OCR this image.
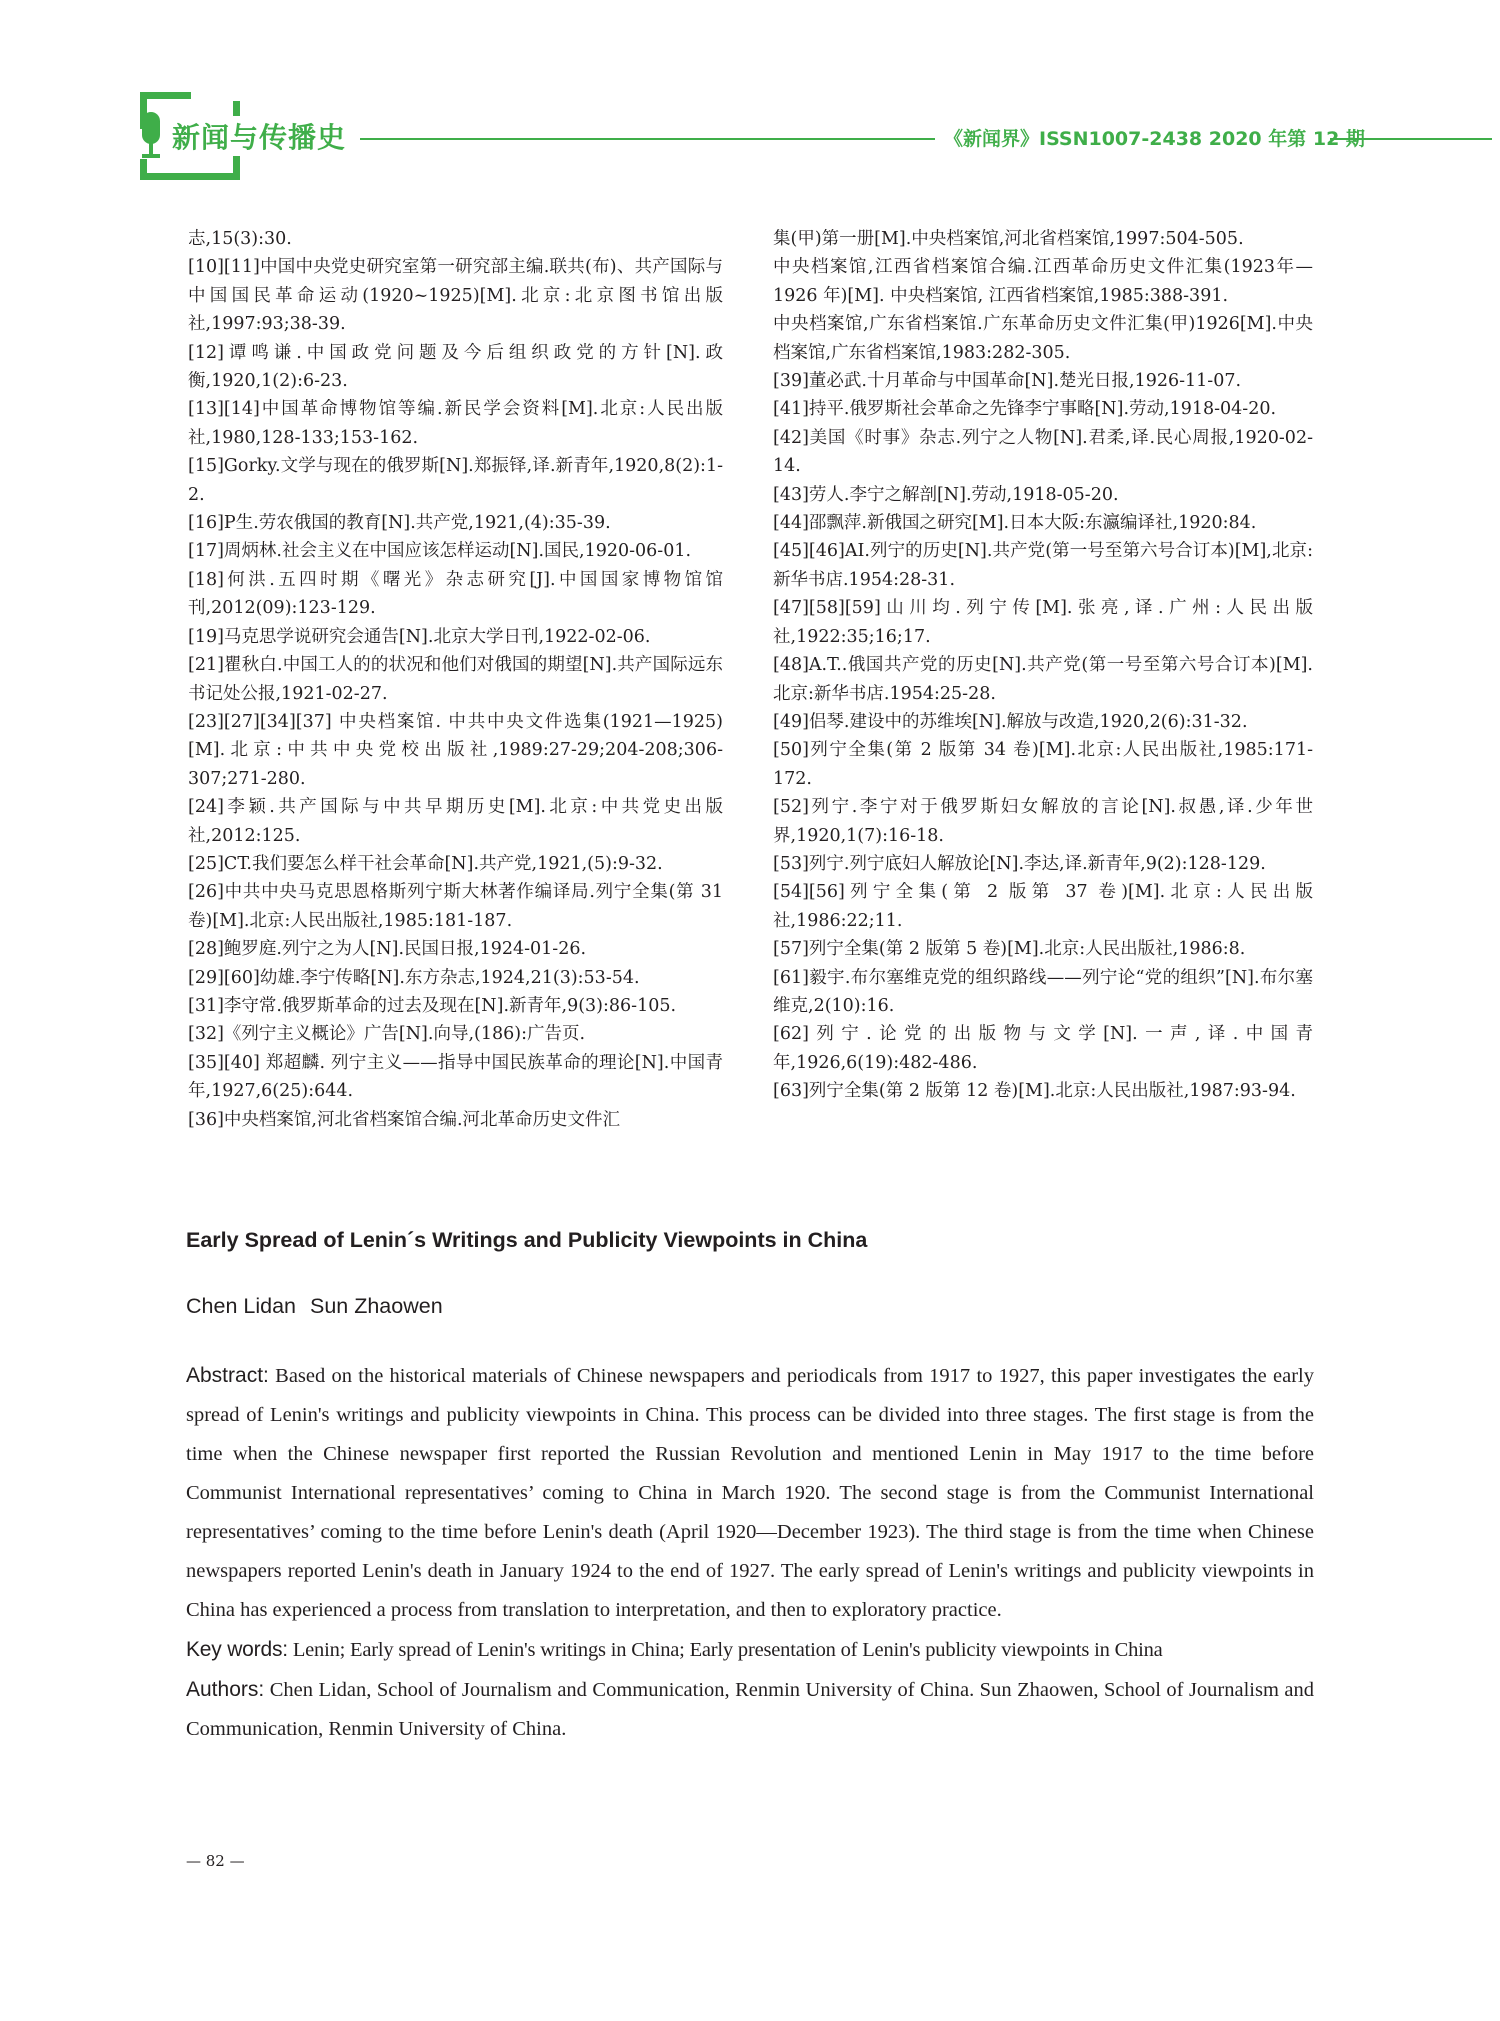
新闻与传播史	《新闻界》ISSN1007-2438 2020 年第 12 期

志,15(3):30.

[10][11]中国中央党史研究室第一研究部主编.联共(布)、共产国际与中国国民革命运动(1920~1925)[M].北京:北京图书馆出版社,1997:93;38-39.

[12]谭鸣谦.中国政党问题及今后组织政党的方针[N].政衡,1920,1(2):6-23.

[13][14]中国革命博物馆等编.新民学会资料[M].北京:人民出版社,1980,128-133;153-162.

[15]Gorky.文学与现在的俄罗斯[N].郑振铎,译.新青年,1920,8(2):1-2.

[16]P生.劳农俄国的教育[N].共产党,1921,(4):35-39.

[17]周炳林.社会主义在中国应该怎样运动[N].国民,1920-06-01.

[18]何洪.五四时期《曙光》杂志研究[J].中国国家博物馆馆刊,2012(09):123-129.

[19]马克思学说研究会通告[N].北京大学日刊,1922-02-06.

[21]瞿秋白.中国工人的的状况和他们对俄国的期望[N].共产国际远东书记处公报,1921-02-27.

[23][27][34][37] 中央档案馆. 中共中央文件选集(1921—1925)[M].北京:中共中央党校出版社,1989:27-29;204-208;306-307;271-280.

[24]李颖.共产国际与中共早期历史[M].北京:中共党史出版社,2012:125.

[25]CT.我们要怎么样干社会革命[N].共产党,1921,(5):9-32.

[26]中共中央马克思恩格斯列宁斯大林著作编译局.列宁全集(第 31 卷)[M].北京:人民出版社,1985:181-187.

[28]鲍罗庭.列宁之为人[N].民国日报,1924-01-26.

[29][60]幼雄.李宁传略[N].东方杂志,1924,21(3):53-54.

[31]李守常.俄罗斯革命的过去及现在[N].新青年,9(3):86-105.

[32]《列宁主义概论》广告[N].向导,(186):广告页.

[35][40] 郑超麟. 列宁主义——指导中国民族革命的理论[N].中国青年,1927,6(25):644.

[36]中央档案馆,河北省档案馆合编.河北革命历史文件汇

集(甲)第一册[M].中央档案馆,河北省档案馆,1997:504-505.

中央档案馆,江西省档案馆合编.江西革命历史文件汇集(1923年—1926 年)[M]. 中央档案馆, 江西省档案馆,1985:388-391.

中央档案馆,广东省档案馆.广东革命历史文件汇集(甲)1926[M].中央档案馆,广东省档案馆,1983:282-305.

[39]董必武.十月革命与中国革命[N].楚光日报,1926-11-07.

[41]持平.俄罗斯社会革命之先锋李宁事略[N].劳动,1918-04-20.

[42]美国《时事》杂志.列宁之人物[N].君柔,译.民心周报,1920-02-14.

[43]劳人.李宁之解剖[N].劳动,1918-05-20.

[44]邵飘萍.新俄国之研究[M].日本大阪:东瀛编译社,1920:84.

[45][46]AI.列宁的历史[N].共产党(第一号至第六号合订本)[M],北京:新华书店.1954:28-31.

[47][58][59]山川均.列宁传[M].张亮,译.广州:人民出版社,1922:35;16;17.

[48]A.T..俄国共产党的历史[N].共产党(第一号至第六号合订本)[M].北京:新华书店.1954:25-28.

[49]侣琴.建设中的苏维埃[N].解放与改造,1920,2(6):31-32.

[50]列宁全集(第 2 版第 34 卷)[M].北京:人民出版社,1985:171-172.

[52]列宁.李宁对于俄罗斯妇女解放的言论[N].叔愚,译.少年世界,1920,1(7):16-18.

[53]列宁.列宁底妇人解放论[N].李达,译.新青年,9(2):128-129.

[54][56]列宁全集(第 2 版第 37 卷)[M].北京:人民出版社,1986:22;11.

[57]列宁全集(第 2 版第 5 卷)[M].北京:人民出版社,1986:8.

[61]毅宇.布尔塞维克党的组织路线——列宁论“党的组织”[N].布尔塞维克,2(10):16.

[62]列宁.论党的出版物与文学[N].一声,译.中国青年,1926,6(19):482-486.

[63]列宁全集(第 2 版第 12 卷)[M].北京:人民出版社,1987:93-94.

Early Spread of Lenin´s Writings and Publicity Viewpoints in China
Chen Lidan Sun Zhaowen

Abstract: Based on the historical materials of Chinese newspapers and periodicals from 1917 to 1927, this paper investigates the early spread of Lenin's writings and publicity viewpoints in China. This process can be divided into three stages. The first stage is from the time when the Chinese newspaper first reported the Russian Revolution and mentioned Lenin in May 1917 to the time before Communist International representatives’ coming to China in March 1920. The second stage is from the Communist International representatives’ coming to the time before Lenin's death (April 1920—December 1923). The third stage is from the time when Chinese newspapers reported Lenin's death in January 1924 to the end of 1927. The early spread of Lenin's writings and publicity viewpoints in China has experienced a process from translation to interpretation, and then to exploratory practice.

Key words: Lenin; Early spread of Lenin's writings in China; Early presentation of Lenin's publicity viewpoints in China

Authors: Chen Lidan, School of Journalism and Communication, Renmin University of China. Sun Zhaowen, School of Journalism and Communication, Renmin University of China.

— 82 —
